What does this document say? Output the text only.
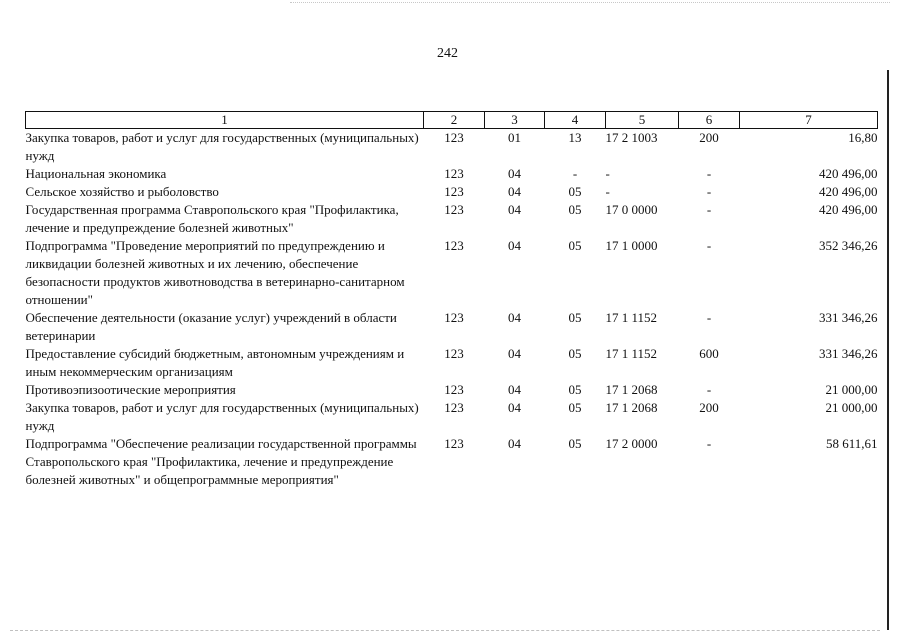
242
1	2	3	4	5	6	7
Закупка товаров, работ и услуг для государственных (муниципальных) нужд	123	01	13	17 2 1003	200	16,80
Национальная экономика	123	04	-	-	-	420 496,00
Сельское хозяйство и рыболовство	123	04	05	-	-	420 496,00
Государственная программа Ставропольского края "Профилактика, лечение и предупреждение болезней животных"	123	04	05	17 0 0000	-	420 496,00
Подпрограмма "Проведение мероприятий по предупреждению и ликвидации болезней животных и их лечению, обеспечение безопасности продуктов животноводства в ветеринарно-санитарном отношении"	123	04	05	17 1 0000	-	352 346,26
Обеспечение деятельности (оказание услуг) учреждений в области ветеринарии	123	04	05	17 1 1152	-	331 346,26
Предоставление субсидий бюджетным, автономным учреждениям и иным некоммерческим организациям	123	04	05	17 1 1152	600	331 346,26
Противоэпизоотические мероприятия	123	04	05	17 1 2068	-	21 000,00
Закупка товаров, работ и услуг для государственных (муниципальных) нужд	123	04	05	17 1 2068	200	21 000,00
Подпрограмма "Обеспечение реализации государственной программы Ставропольского края "Профилактика, лечение и предупреждение болезней животных" и общепрограммные мероприятия"	123	04	05	17 2 0000	-	58 611,61
